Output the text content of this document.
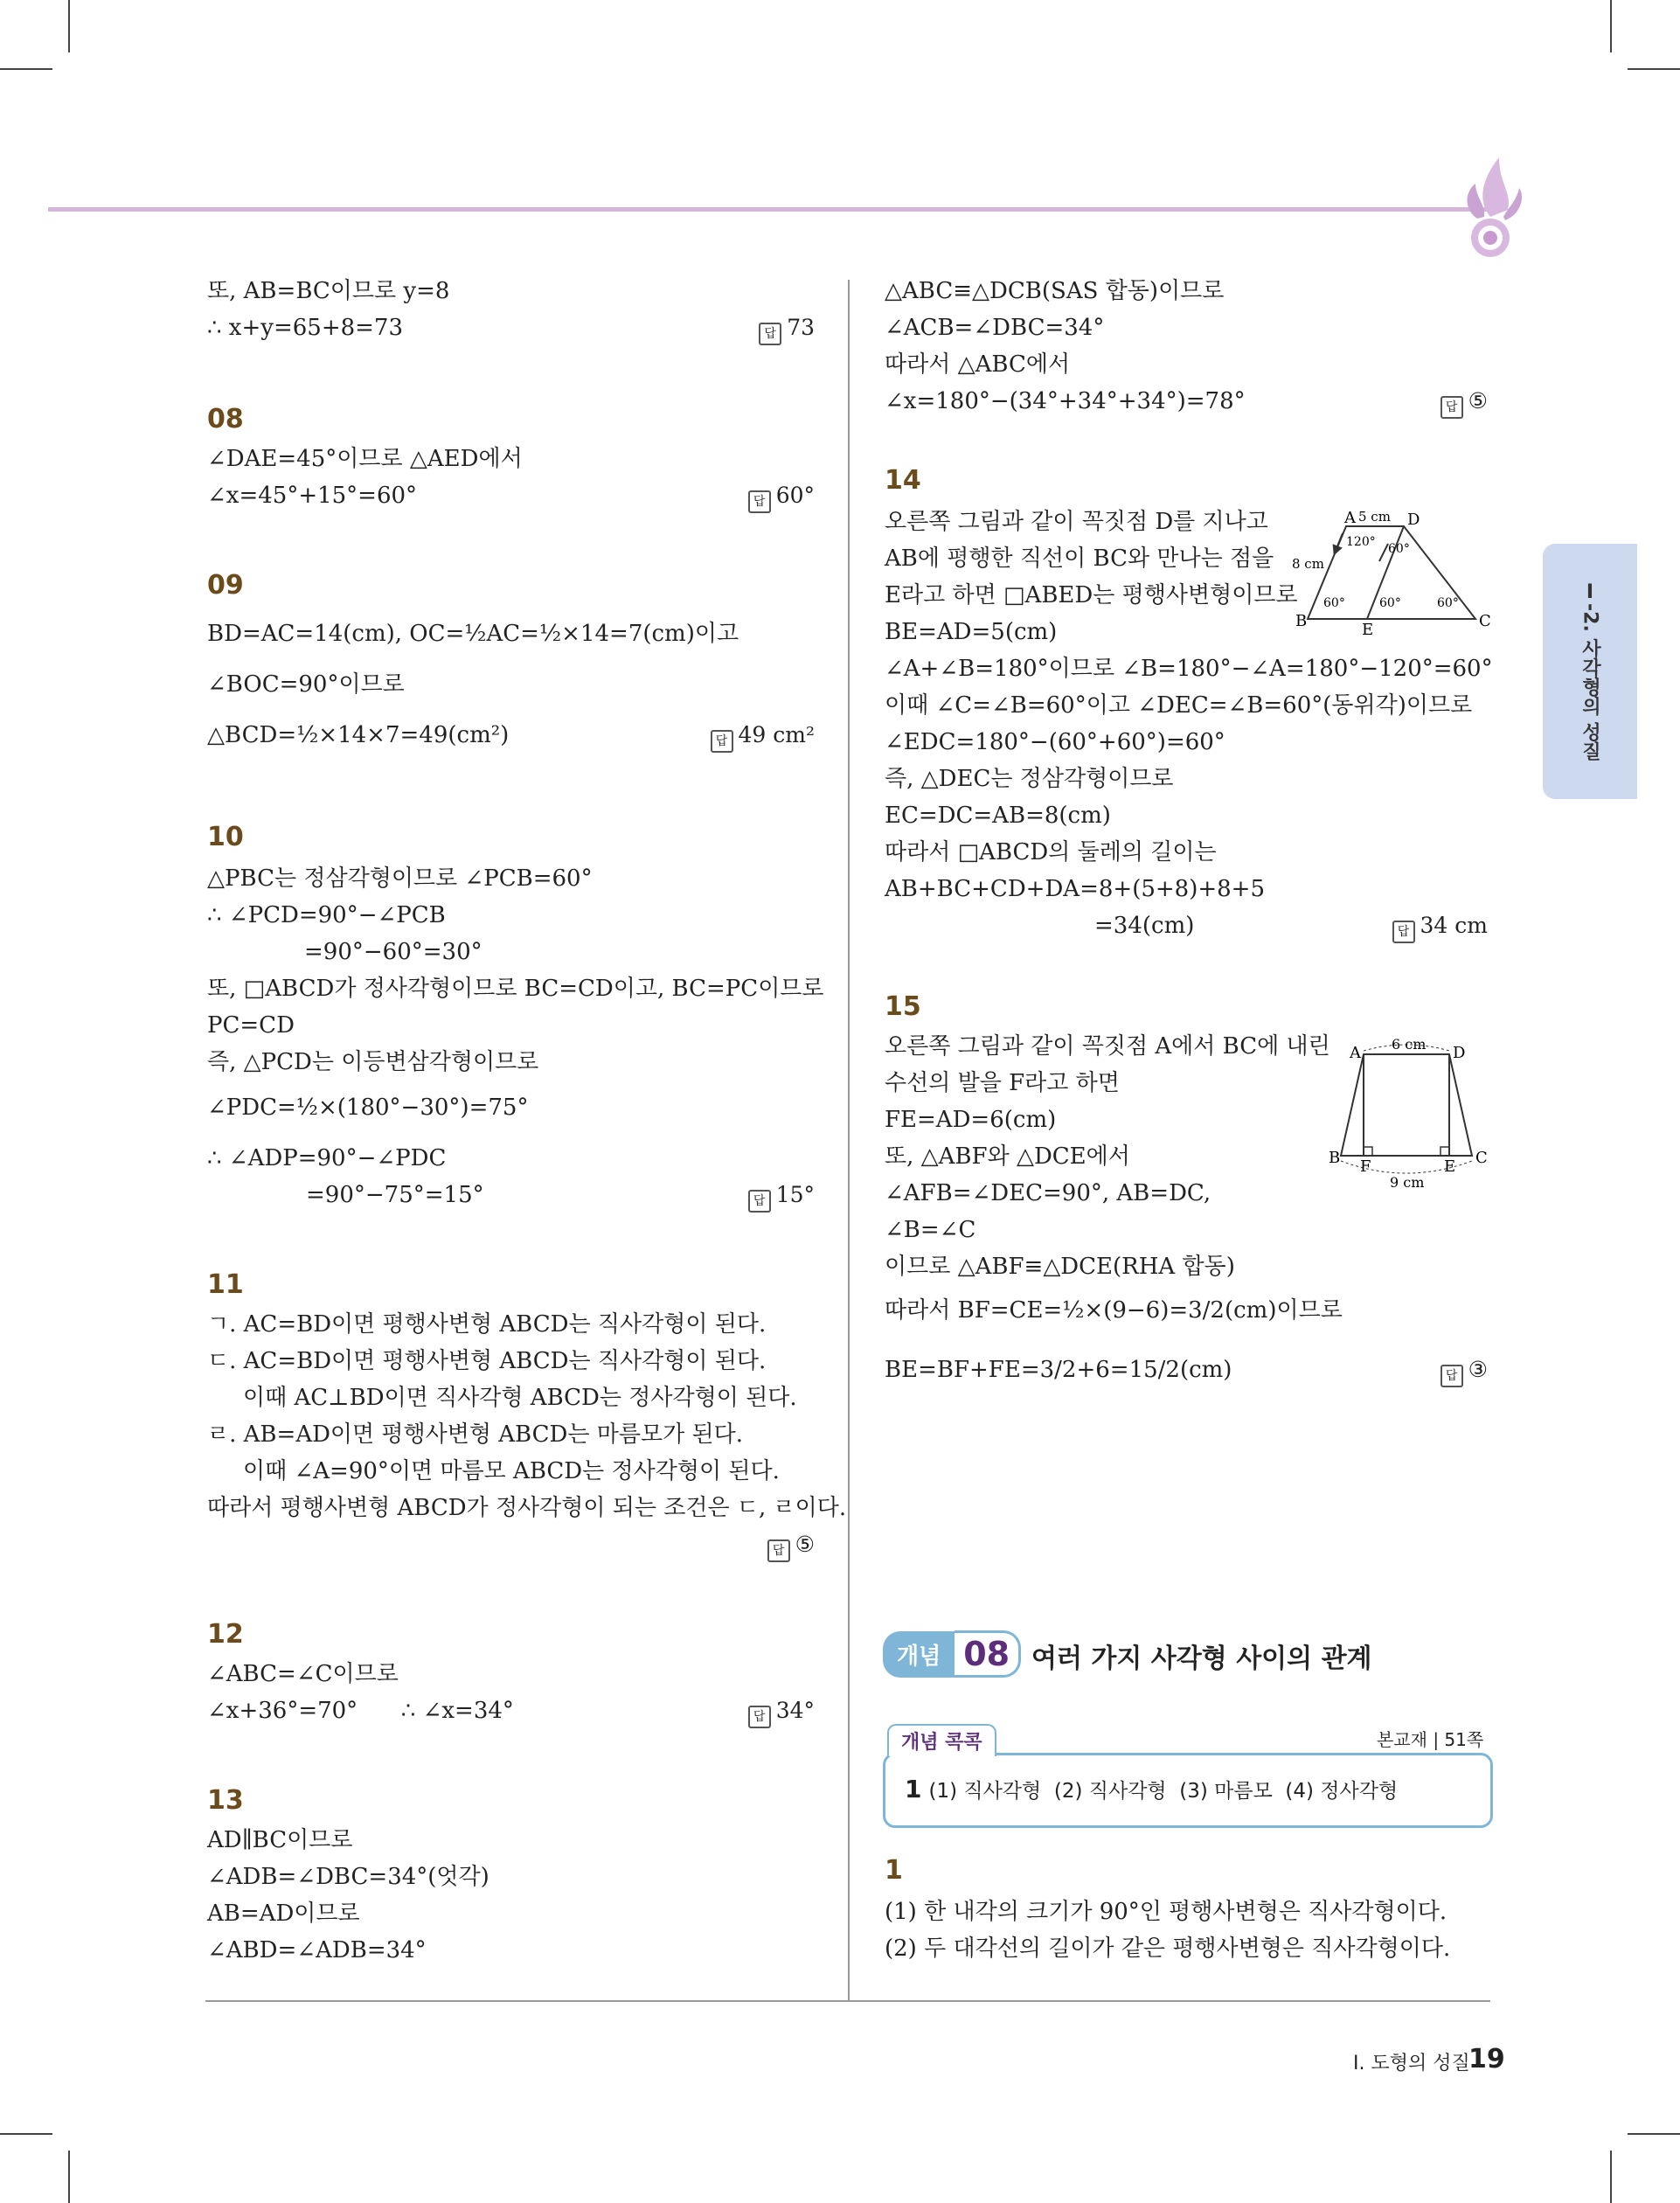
Ⅰ-2. 사각형의 성질
또, AB=BC이므로 y=8
∴ x+y=65+8=73	답 73
08
∠DAE=45°이므로 △AED에서
∠x=45°+15°=60°	답 60°
09
BD=AC=14(cm), OC=½AC=½×14=7(cm)이고
∠BOC=90°이므로
△BCD=½×14×7=49(cm²)	답 49 cm²
10
△PBC는 정삼각형이므로 ∠PCB=60°
∴ ∠PCD=90°−∠PCB
=90°−60°=30°
또, □ABCD가 정사각형이므로 BC=CD이고, BC=PC이므로
PC=CD
즉, △PCD는 이등변삼각형이므로
∠PDC=½×(180°−30°)=75°
∴ ∠ADP=90°−∠PDC
=90°−75°=15°	답 15°
11
ㄱ. AC=BD이면 평행사변형 ABCD는 직사각형이 된다.
ㄷ. AC=BD이면 평행사변형 ABCD는 직사각형이 된다.
이때 AC⊥BD이면 직사각형 ABCD는 정사각형이 된다.
ㄹ. AB=AD이면 평행사변형 ABCD는 마름모가 된다.
이때 ∠A=90°이면 마름모 ABCD는 정사각형이 된다.
따라서 평행사변형 ABCD가 정사각형이 되는 조건은 ㄷ, ㄹ이다.
답 ⑤
12
∠ABC=∠C이므로
∠x+36°=70°      ∴ ∠x=34°	답 34°
13
AD∥BC이므로
∠ADB=∠DBC=34°(엇각)
AB=AD이므로
∠ABD=∠ADB=34°
△ABC≡△DCB(SAS 합동)이므로
∠ACB=∠DBC=34°
따라서 △ABC에서
∠x=180°−(34°+34°+34°)=78°	답 ⑤
14
오른쪽 그림과 같이 꼭짓점 D를 지나고
AB에 평행한 직선이 BC와 만나는 점을
E라고 하면 □ABED는 평행사변형이므로
BE=AD=5(cm)
∠A+∠B=180°이므로 ∠B=180°−∠A=180°−120°=60°
이때 ∠C=∠B=60°이고 ∠DEC=∠B=60°(동위각)이므로
∠EDC=180°−(60°+60°)=60°
즉, △DEC는 정삼각형이므로
EC=DC=AB=8(cm)
따라서 □ABCD의 둘레의 길이는
AB+BC+CD+DA=8+(5+8)+8+5
=34(cm)	답 34 cm
A	D
B	C
E
5 cm
8 cm
120° 60°
60°	60°	60°
15
오른쪽 그림과 같이 꼭짓점 A에서 BC에 내린
수선의 발을 F라고 하면
FE=AD=6(cm)
또, △ABF와 △DCE에서
∠AFB=∠DEC=90°, AB=DC,
∠B=∠C
이므로 △ABF≡△DCE(RHA 합동)
따라서 BF=CE=½×(9−6)=3/2(cm)이므로
BE=BF+FE=3/2+6=15/2(cm)	답 ③
A	D
B	C
F	E
6 cm
9 cm
개념 08 여러 가지 사각형 사이의 관계
개념 콕콕	본교재 | 51쪽
1 (1) 직사각형  (2) 직사각형  (3) 마름모  (4) 정사각형
1
(1) 한 내각의 크기가 90°인 평행사변형은 직사각형이다.
(2) 두 대각선의 길이가 같은 평행사변형은 직사각형이다.
Ⅰ. 도형의 성질
19
